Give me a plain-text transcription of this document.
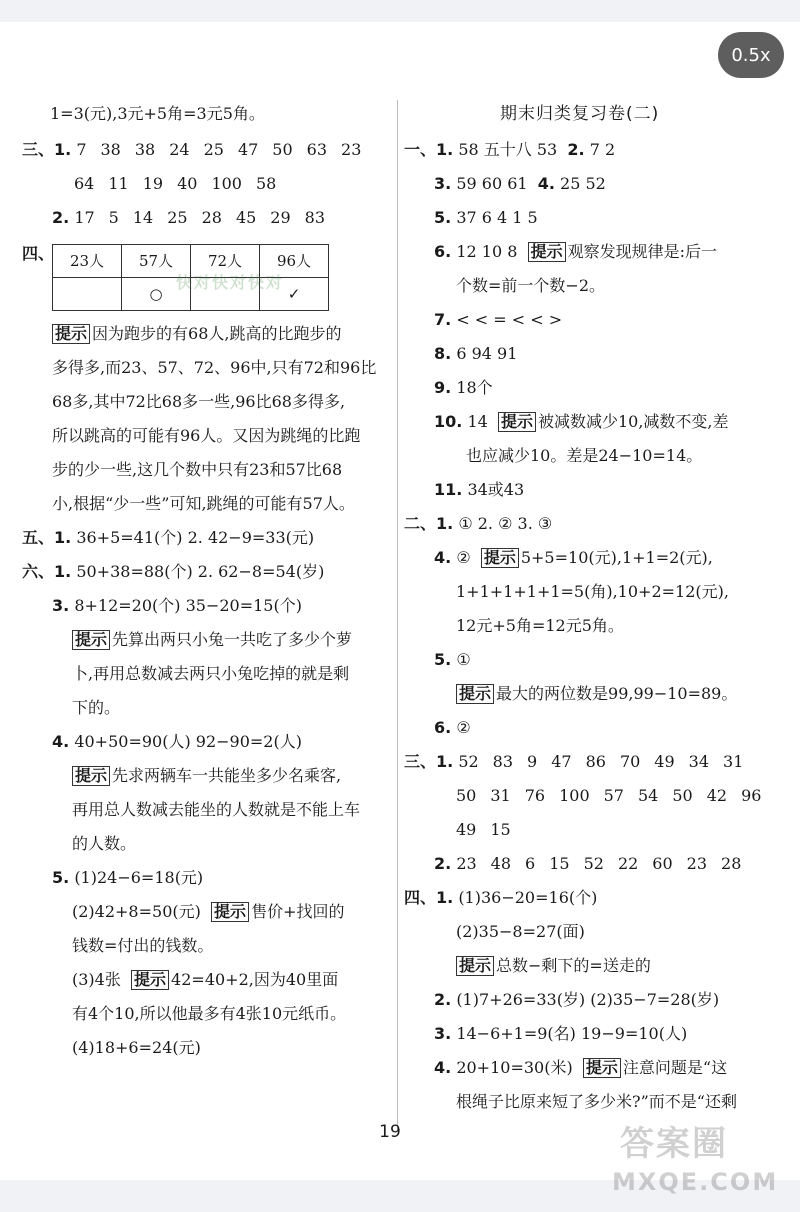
0.5x
1=3(元),3元+5角=3元5角。
三、1. 7 38 38 24 25 47 50 63 23
64 11 19 40 100 58
2. 17 5 14 25 28 45 29 83
四、 23人	57人	72人	96人
	○		✓
提示 因为跑步的有68人,跳高的比跑步的
多得多,而23、57、72、96中,只有72和96比
68多,其中72比68多一些,96比68多得多,
所以跳高的可能有96人。又因为跳绳的比跑
步的少一些,这几个数中只有23和57比68
小,根据“少一些”可知,跳绳的可能有57人。
五、1. 36+5=41(个) 2. 42−9=33(元)
六、1. 50+38=88(个) 2. 62−8=54(岁)
3. 8+12=20(个) 35−20=15(个)
提示 先算出两只小兔一共吃了多少个萝
卜,再用总数减去两只小兔吃掉的就是剩
下的。
4. 40+50=90(人) 92−90=2(人)
提示 先求两辆车一共能坐多少名乘客,
再用总人数减去能坐的人数就是不能上车
的人数。
5. (1)24−6=18(元)
(2)42+8=50(元) 提示 售价+找回的
钱数=付出的钱数。
(3)4张 提示 42=40+2,因为40里面
有4个10,所以他最多有4张10元纸币。
(4)18+6=24(元)
期末归类复习卷(二)
一、1. 58 五十八 53 2. 7 2
3. 59 60 61 4. 25 52
5. 37 6 4 1 5
6. 12 10 8 提示 观察发现规律是:后一
个数=前一个数−2。
7. < < = < < >
8. 6 94 91
9. 18个
10. 14 提示 被减数减少10,减数不变,差
也应减少10。差是24−10=14。
11. 34或43
二、1. ① 2. ② 3. ③
4. ② 提示 5+5=10(元),1+1=2(元),
1+1+1+1+1=5(角),10+2=12(元),
12元+5角=12元5角。
5. ①
提示 最大的两位数是99,99−10=89。
6. ②
三、1. 52 83 9 47 86 70 49 34 31
50 31 76 100 57 54 50 42 96
49 15
2. 23 48 6 15 52 22 60 23 28
四、1. (1)36−20=16(个)
(2)35−8=27(面)
提示 总数−剩下的=送走的
2. (1)7+26=33(岁) (2)35−7=28(岁)
3. 14−6+1=9(名) 19−9=10(人)
4. 20+10=30(米) 提示 注意问题是“这
根绳子比原来短了多少米?”而不是“还剩
19
快对快对快对
答案圈
MXQE.COM
